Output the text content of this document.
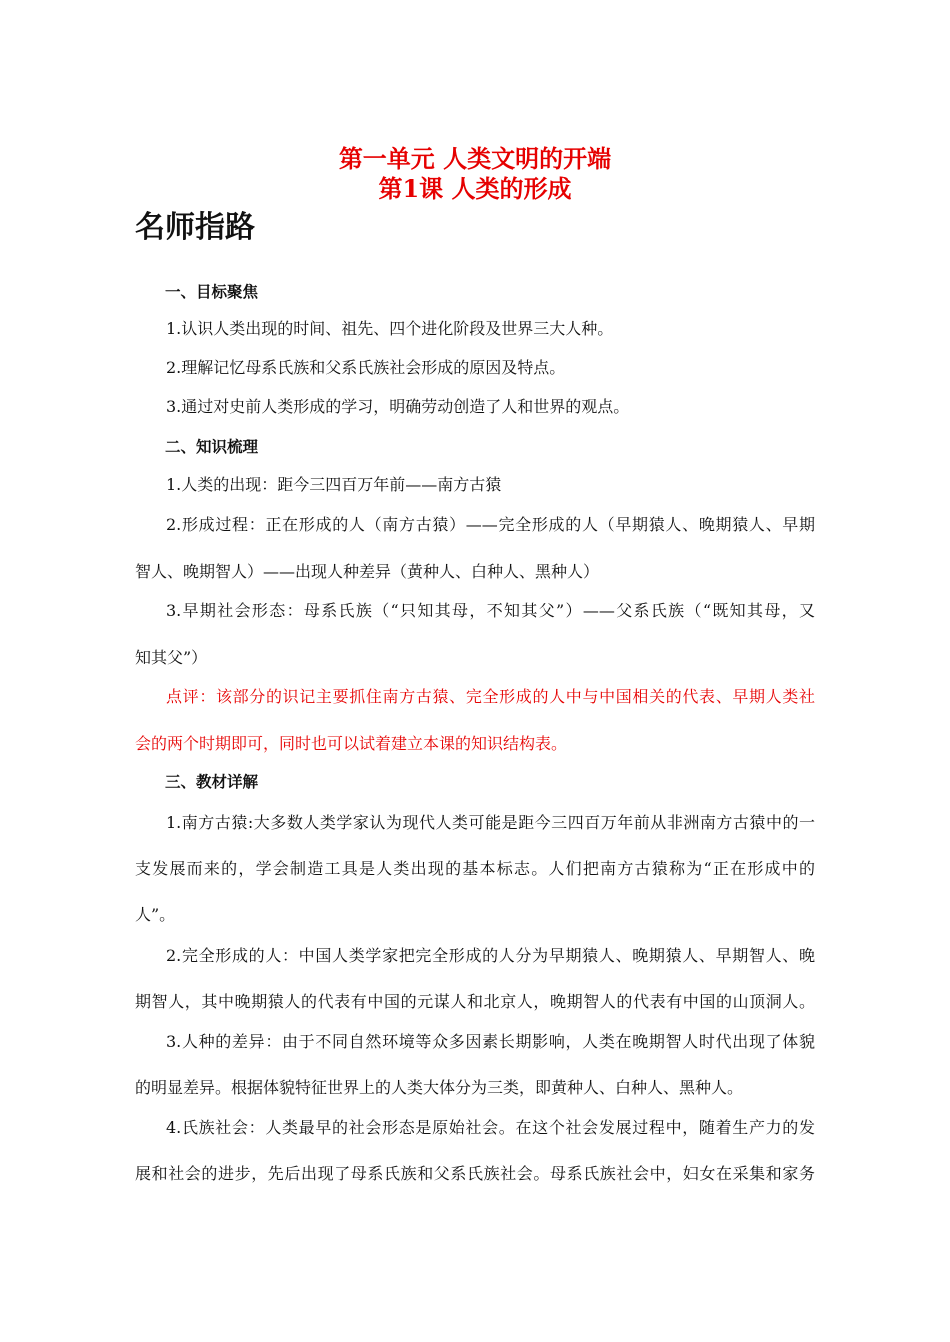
第一单元 人类文明的开端
第1课 人类的形成
名师指路
一、目标聚焦
1.认识人类出现的时间、祖先、四个进化阶段及世界三大人种。
2.理解记忆母系氏族和父系氏族社会形成的原因及特点。
3.通过对史前人类形成的学习，明确劳动创造了人和世界的观点。
二、知识梳理
1.人类的出现：距今三四百万年前——南方古猿
2.形成过程：正在形成的人（南方古猿）——完全形成的人（早期猿人、晚期猿人、早期
智人、晚期智人）——出现人种差异（黄种人、白种人、黑种人）
3.早期社会形态：母系氏族（“只知其母，不知其父”）——父系氏族（“既知其母，又
知其父”）
点评：该部分的识记主要抓住南方古猿、完全形成的人中与中国相关的代表、早期人类社
会的两个时期即可，同时也可以试着建立本课的知识结构表。
三、教材详解
1.南方古猿:大多数人类学家认为现代人类可能是距今三四百万年前从非洲南方古猿中的一
支发展而来的，学会制造工具是人类出现的基本标志。人们把南方古猿称为“正在形成中的
人”。
2.完全形成的人：中国人类学家把完全形成的人分为早期猿人、晚期猿人、早期智人、晚
期智人，其中晚期猿人的代表有中国的元谋人和北京人，晚期智人的代表有中国的山顶洞人。
3.人种的差异：由于不同自然环境等众多因素长期影响，人类在晚期智人时代出现了体貌
的明显差异。根据体貌特征世界上的人类大体分为三类，即黄种人、白种人、黑种人。
4.氏族社会：人类最早的社会形态是原始社会。在这个社会发展过程中，随着生产力的发
展和社会的进步，先后出现了母系氏族和父系氏族社会。母系氏族社会中，妇女在采集和家务
